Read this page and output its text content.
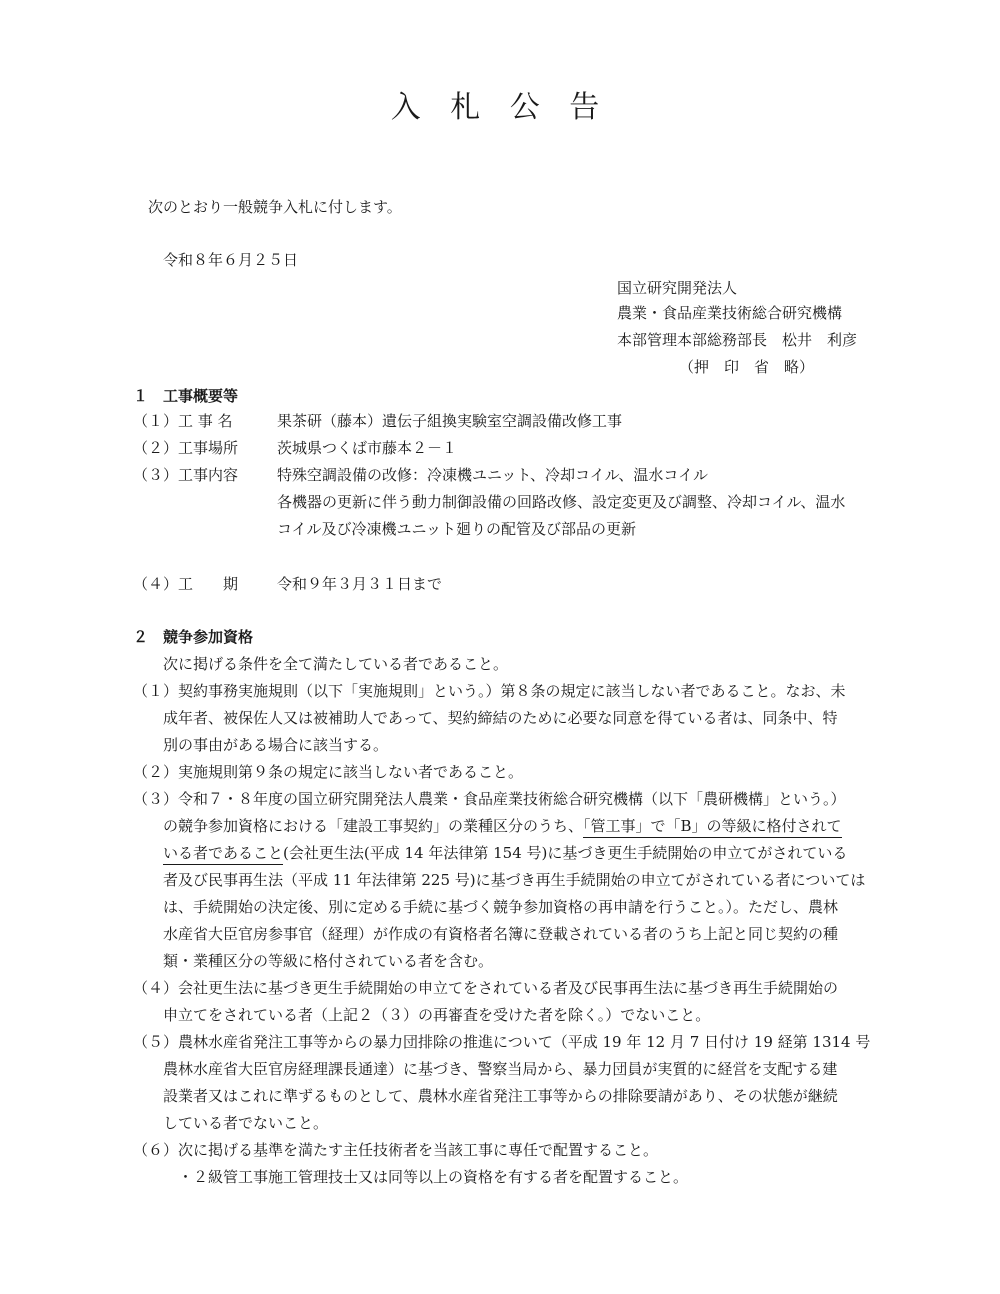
入 札 公 告
次のとおり一般競争入札に付します。
令和８年６月２５日
国立研究開発法人
農業・食品産業技術総合研究機構
本部管理本部総務部長　松井　利彦
（押　印　省　略）
１　工事概要等
（１）工 事 名	果茶研（藤本）遺伝子組換実験室空調設備改修工事
（２）工事場所	茨城県つくば市藤本２－１
（３）工事内容	特殊空調設備の改修：冷凍機ユニット、冷却コイル、温水コイル
各機器の更新に伴う動力制御設備の回路改修、設定変更及び調整、冷却コイル、温水
コイル及び冷凍機ユニット廻りの配管及び部品の更新
（４）工　　期	令和９年３月３１日まで
２　競争参加資格
次に掲げる条件を全て満たしている者であること。
（１）契約事務実施規則（以下「実施規則」という。）第８条の規定に該当しない者であること。なお、未
成年者、被保佐人又は被補助人であって、契約締結のために必要な同意を得ている者は、同条中、特
別の事由がある場合に該当する。
（２）実施規則第９条の規定に該当しない者であること。
（３）令和７・８年度の国立研究開発法人農業・食品産業技術総合研究機構（以下「農研機構」という。）
の競争参加資格における「建設工事契約」の業種区分のうち、「管工事」で「B」の等級に格付されて
いる者であること(会社更生法(平成 14 年法律第 154 号)に基づき更生手続開始の申立てがされている
者及び民事再生法（平成 11 年法律第 225 号)に基づき再生手続開始の申立てがされている者については
は、手続開始の決定後、別に定める手続に基づく競争参加資格の再申請を行うこと。）。ただし、農林
水産省大臣官房参事官（経理）が作成の有資格者名簿に登載されている者のうち上記と同じ契約の種
類・業種区分の等級に格付されている者を含む。
（４）会社更生法に基づき更生手続開始の申立てをされている者及び民事再生法に基づき再生手続開始の
申立てをされている者（上記２（３）の再審査を受けた者を除く。）でないこと。
（５）農林水産省発注工事等からの暴力団排除の推進について（平成 19 年 12 月 7 日付け 19 経第 1314 号
農林水産省大臣官房経理課長通達）に基づき、警察当局から、暴力団員が実質的に経営を支配する建
設業者又はこれに準ずるものとして、農林水産省発注工事等からの排除要請があり、その状態が継続
している者でないこと。
（６）次に掲げる基準を満たす主任技術者を当該工事に専任で配置すること。
・２級管工事施工管理技士又は同等以上の資格を有する者を配置すること。
